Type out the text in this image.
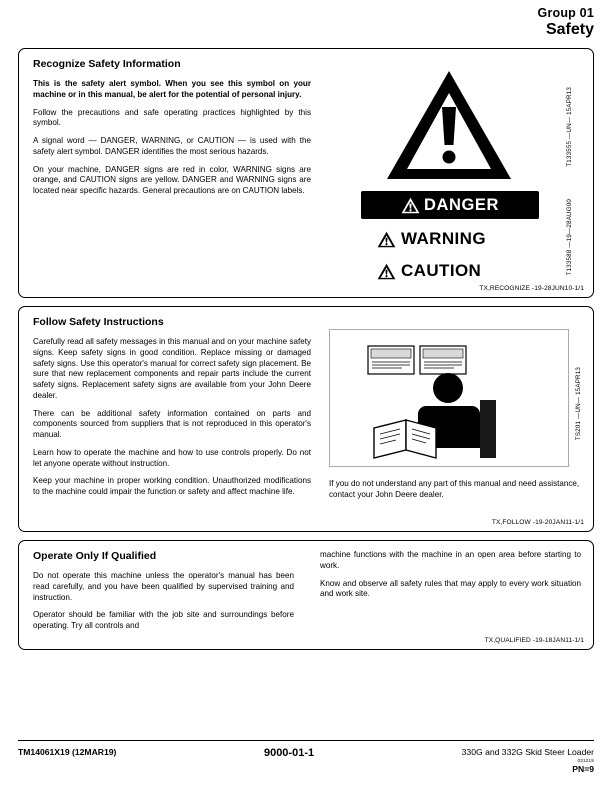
Group 01
Safety
Recognize Safety Information
This is the safety alert symbol. When you see this symbol on your machine or in this manual, be alert for the potential of personal injury.
Follow the precautions and safe operating practices highlighted by this symbol.
A signal word — DANGER, WARNING, or CAUTION — is used with the safety alert symbol. DANGER identifies the most serious hazards.
On your machine, DANGER signs are red in color, WARNING signs are orange, and CAUTION signs are yellow. DANGER and WARNING signs are located near specific hazards. General precautions are on CAUTION labels.
DANGER
WARNING
CAUTION
T133555 —UN— 15APR13
T133588 —19—28AUG00
TX,RECOGNIZE -19-28JUN10-1/1
Follow Safety Instructions
Carefully read all safety messages in this manual and on your machine safety signs. Keep safety signs in good condition. Replace missing or damaged safety signs. Use this operator's manual for correct safety sign placement. Be sure that new replacement components and repair parts include the current safety signs. Replacement safety signs are available from your John Deere dealer.
There can be additional safety information contained on parts and components sourced from suppliers that is not reproduced in this operator's manual.
Learn how to operate the machine and how to use controls properly. Do not let anyone operate without instruction.
Keep your machine in proper working condition. Unauthorized modifications to the machine could impair the function or safety and affect machine life.
If you do not understand any part of this manual and need assistance, contact your John Deere dealer.
TS201 —UN— 15APR13
TX,FOLLOW -19-20JAN11-1/1
Operate Only If Qualified
Do not operate this machine unless the operator's manual has been read carefully, and you have been qualified by supervised training and instruction.
Operator should be familiar with the job site and surroundings before operating. Try all controls and
machine functions with the machine in an open area before starting to work.
Know and observe all safety rules that may apply to every work situation and work site.
TX,QUALIFIED -19-18JAN11-1/1
TM14061X19 (12MAR19)	9000-01-1	330G and 332G Skid Steer Loader
031219
PN=9
